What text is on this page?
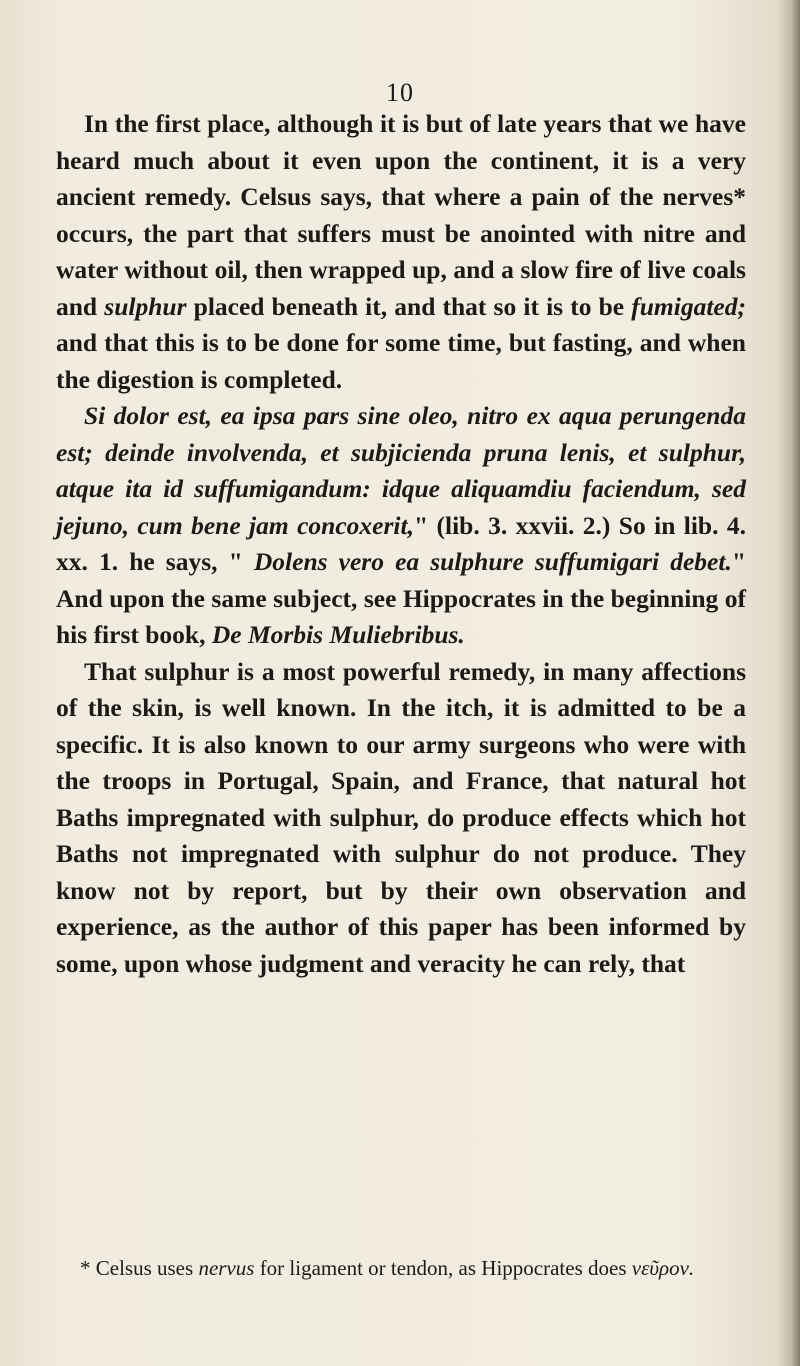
10

In the first place, although it is but of late years that we have heard much about it even upon the continent, it is a very ancient remedy. Celsus says, that where a pain of the nerves* occurs, the part that suffers must be anointed with nitre and water without oil, then wrapped up, and a slow fire of live coals and sulphur placed beneath it, and that so it is to be fumigated; and that this is to be done for some time, but fasting, and when the digestion is completed.

Si dolor est, ea ipsa pars sine oleo, nitro ex aqua perungenda est; deinde involvenda, et subjicienda pruna lenis, et sulphur, atque ita id suffumigandum: idque aliquamdiu faciendum, sed jejuno, cum bene jam concoxerit," (lib. 3. xxvii. 2.) So in lib. 4. xx. 1. he says, " Dolens vero ea sulphure suffumigari debet." And upon the same subject, see Hippocrates in the beginning of his first book, De Morbis Muliebribus.

That sulphur is a most powerful remedy, in many affections of the skin, is well known. In the itch, it is admitted to be a specific. It is also known to our army surgeons who were with the troops in Portugal, Spain, and France, that natural hot Baths impregnated with sulphur, do produce effects which hot Baths not impregnated with sulphur do not produce. They know not by report, but by their own observation and experience, as the author of this paper has been informed by some, upon whose judgment and veracity he can rely, that

* Celsus uses nervus for ligament or tendon, as Hippocrates does νεῦρον.
